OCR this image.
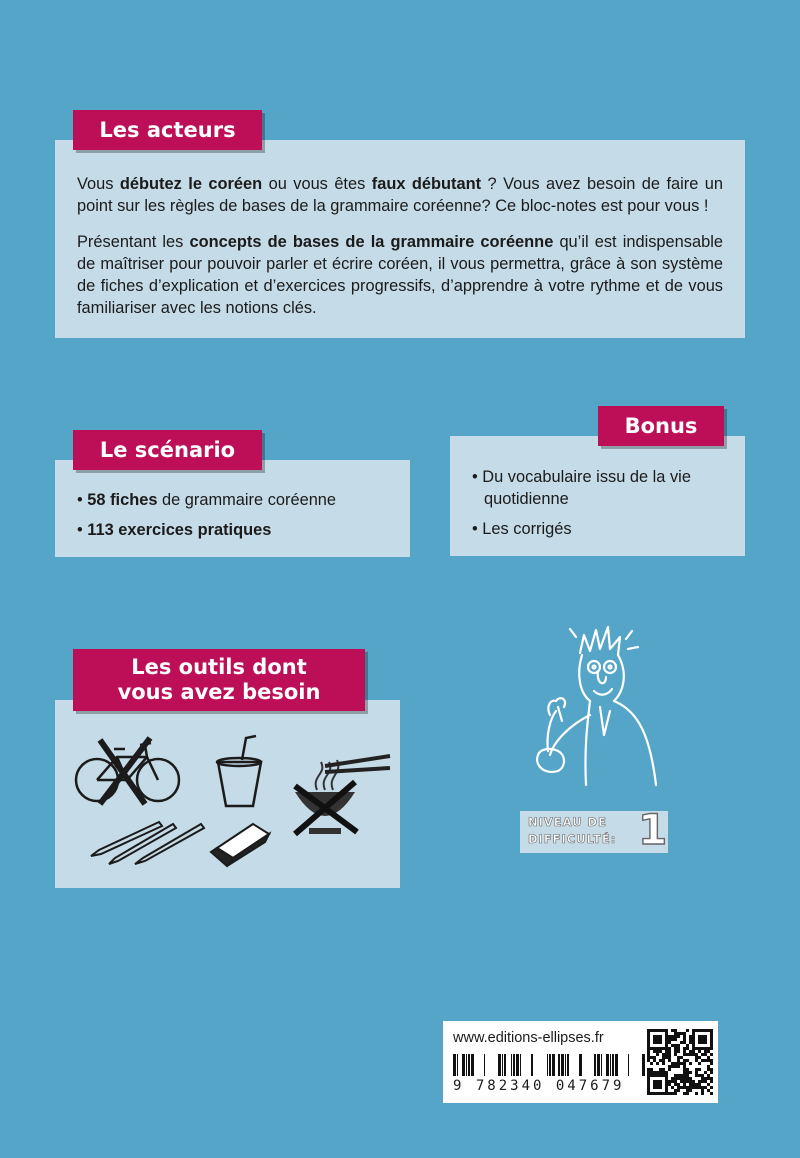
Les acteurs

Vous débutez le coréen ou vous êtes faux débutant ? Vous avez besoin de faire un point sur les règles de bases de la grammaire coréenne? Ce bloc-notes est pour vous !

Présentant les concepts de bases de la grammaire coréenne qu’il est indispensable de maîtriser pour pouvoir parler et écrire coréen, il vous permettra, grâce à son système de fiches d’explication et d’exercices progressifs, d’apprendre à votre rythme et de vous familiariser avec les notions clés.

Le scénario
• 58 fiches de grammaire coréenne
• 113 exercices pratiques
Bonus
• Du vocabulaire issu de la vie quotidienne
• Les corrigés
Les outils dont
vous avez besoin
NIVEAU DE
DIFFICULTÉ: 1
www.editions-ellipses.fr
9 782340 047679
